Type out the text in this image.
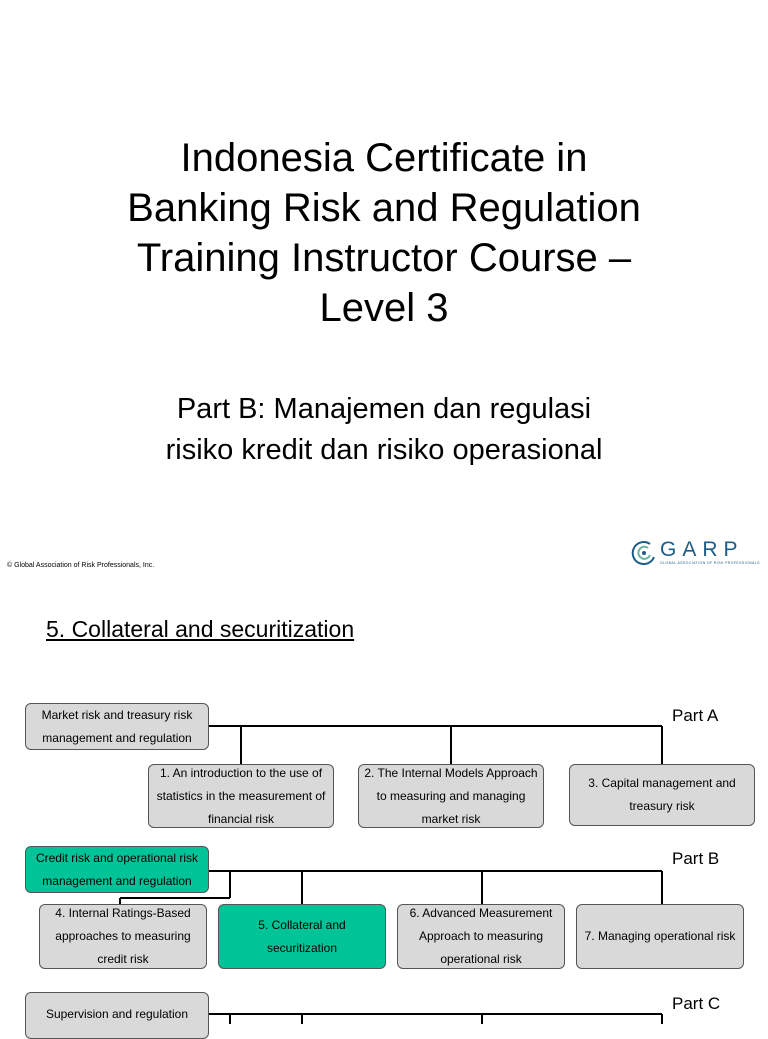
Indonesia Certificate in
Banking Risk and Regulation
Training Instructor Course –
Level 3

Part B: Manajemen dan regulasi
risiko kredit dan risiko operasional

© Global Association of Risk Professionals, Inc.
GARP
GLOBAL ASSOCIATION OF RISK PROFESSIONALS
5. Collateral and securitization
Market risk and treasury risk management and regulation
Part A
1. An introduction to the use of statistics in the measurement of financial risk
2. The Internal Models Approach to measuring and managing market risk
3. Capital management and treasury risk
Credit risk and operational risk management and regulation
Part B
4. Internal Ratings-Based approaches to measuring credit risk
5. Collateral and securitization
6. Advanced Measurement Approach to measuring operational risk
7. Managing operational risk
Supervision and regulation
Part C
